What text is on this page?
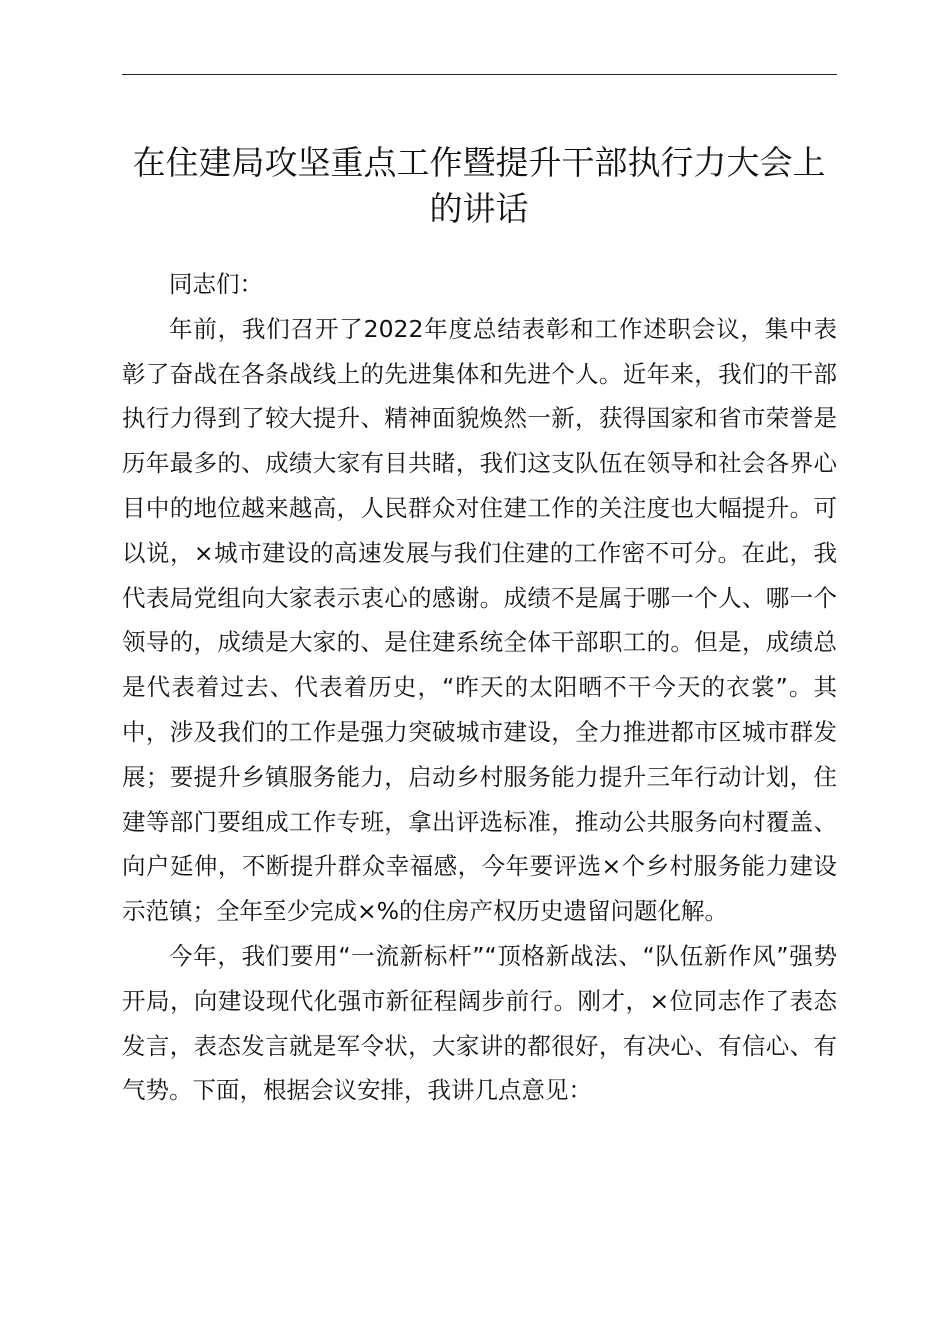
在住建局攻坚重点工作暨提升干部执行力大会上的讲话

同志们：

年前，我们召开了2022年度总结表彰和工作述职会议，集中表彰了奋战在各条战线上的先进集体和先进个人。近年来，我们的干部执行力得到了较大提升、精神面貌焕然一新，获得国家和省市荣誉是历年最多的、成绩大家有目共睹，我们这支队伍在领导和社会各界心目中的地位越来越高，人民群众对住建工作的关注度也大幅提升。可以说，×城市建设的高速发展与我们住建的工作密不可分。在此，我代表局党组向大家表示衷心的感谢。成绩不是属于哪一个人、哪一个领导的，成绩是大家的、是住建系统全体干部职工的。但是，成绩总是代表着过去、代表着历史，“昨天的太阳晒不干今天的衣裳”。其中，涉及我们的工作是强力突破城市建设，全力推进都市区城市群发展；要提升乡镇服务能力，启动乡村服务能力提升三年行动计划，住建等部门要组成工作专班，拿出评选标准，推动公共服务向村覆盖、向户延伸，不断提升群众幸福感，今年要评选×个乡村服务能力建设示范镇；全年至少完成×%的住房产权历史遗留问题化解。

今年，我们要用“一流新标杆”“顶格新战法、“队伍新作风”强势开局，向建设现代化强市新征程阔步前行。刚才，×位同志作了表态发言，表态发言就是军令状，大家讲的都很好，有决心、有信心、有气势。下面，根据会议安排，我讲几点意见：
